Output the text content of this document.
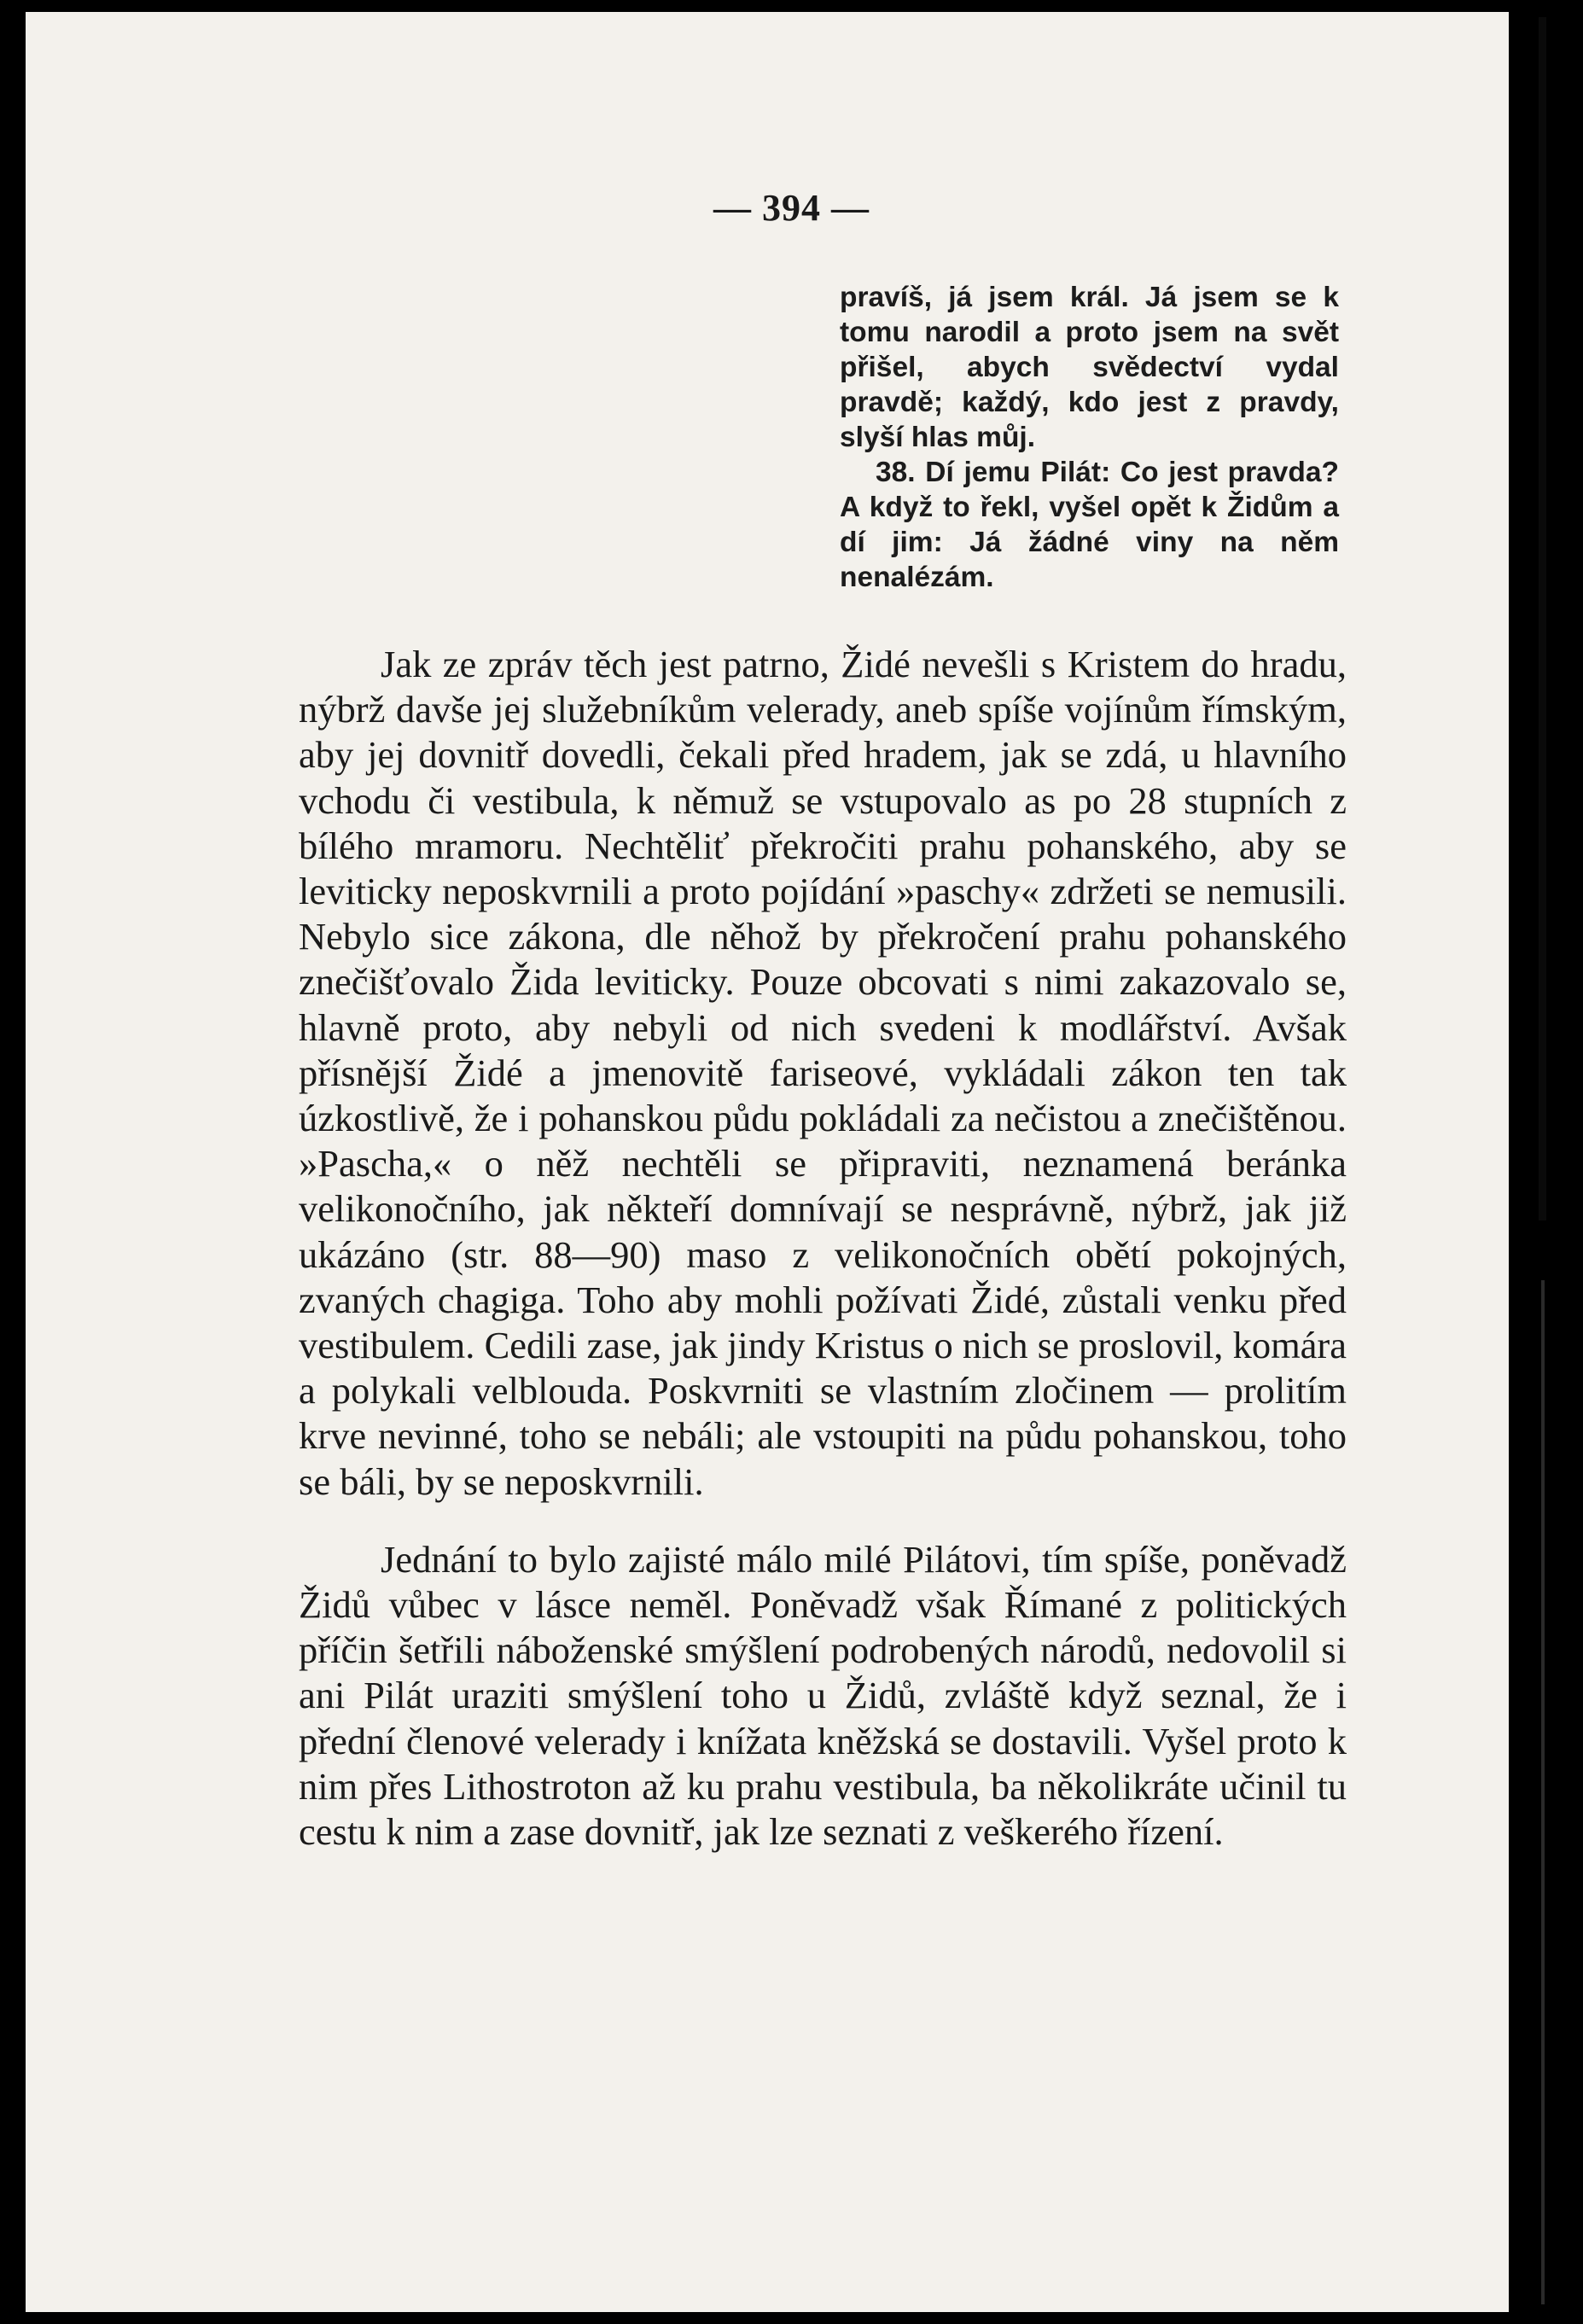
— 394 —

pravíš, já jsem král. Já jsem se k tomu narodil a proto jsem na svět přišel, abych svědectví vydal pravdě; každý, kdo jest z pravdy, slyší hlas můj.

38. Dí jemu Pilát: Co jest pravda? A když to řekl, vyšel opět k Židům a dí jim: Já žádné viny na něm nenalézám.

Jak ze zpráv těch jest patrno, Židé nevešli s Kristem do hradu, nýbrž davše jej služebníkům velerady, aneb spíše vojínům římským, aby jej dovnitř dovedli, čekali před hradem, jak se zdá, u hlavního vchodu či vestibula, k němuž se vstupovalo as po 28 stupních z bílého mramoru. Nechtěliť překročiti prahu pohanského, aby se leviticky neposkvrnili a proto pojídání »paschy« zdržeti se nemusili. Nebylo sice zákona, dle něhož by překročení prahu pohanského znečišťovalo Žida leviticky. Pouze obcovati s nimi zakazovalo se, hlavně proto, aby nebyli od nich svedeni k modlářství. Avšak přísnější Židé a jmenovitě fariseové, vykládali zákon ten tak úzkostlivě, že i pohanskou půdu pokládali za nečistou a znečištěnou. »Pascha,« o něž nechtěli se připraviti, neznamená beránka velikonočního, jak někteří domnívají se nesprávně, nýbrž, jak již ukázáno (str. 88—90) maso z velikonočních obětí pokojných, zvaných chagiga. Toho aby mohli požívati Židé, zůstali venku před vestibulem. Cedili zase, jak jindy Kristus o nich se proslovil, komára a polykali velblouda. Poskvrniti se vlastním zločinem — prolitím krve nevinné, toho se nebáli; ale vstoupiti na půdu pohanskou, toho se báli, by se neposkvrnili.

Jednání to bylo zajisté málo milé Pilátovi, tím spíše, poněvadž Židů vůbec v lásce neměl. Poněvadž však Římané z politických příčin šetřili náboženské smýšlení podrobených národů, nedovolil si ani Pilát uraziti smýšlení toho u Židů, zvláště když seznal, že i přední členové velerady i knížata kněžská se dostavili. Vyšel proto k nim přes Lithostroton až ku prahu vestibula, ba několikráte učinil tu cestu k nim a zase dovnitř, jak lze seznati z veškerého řízení.
